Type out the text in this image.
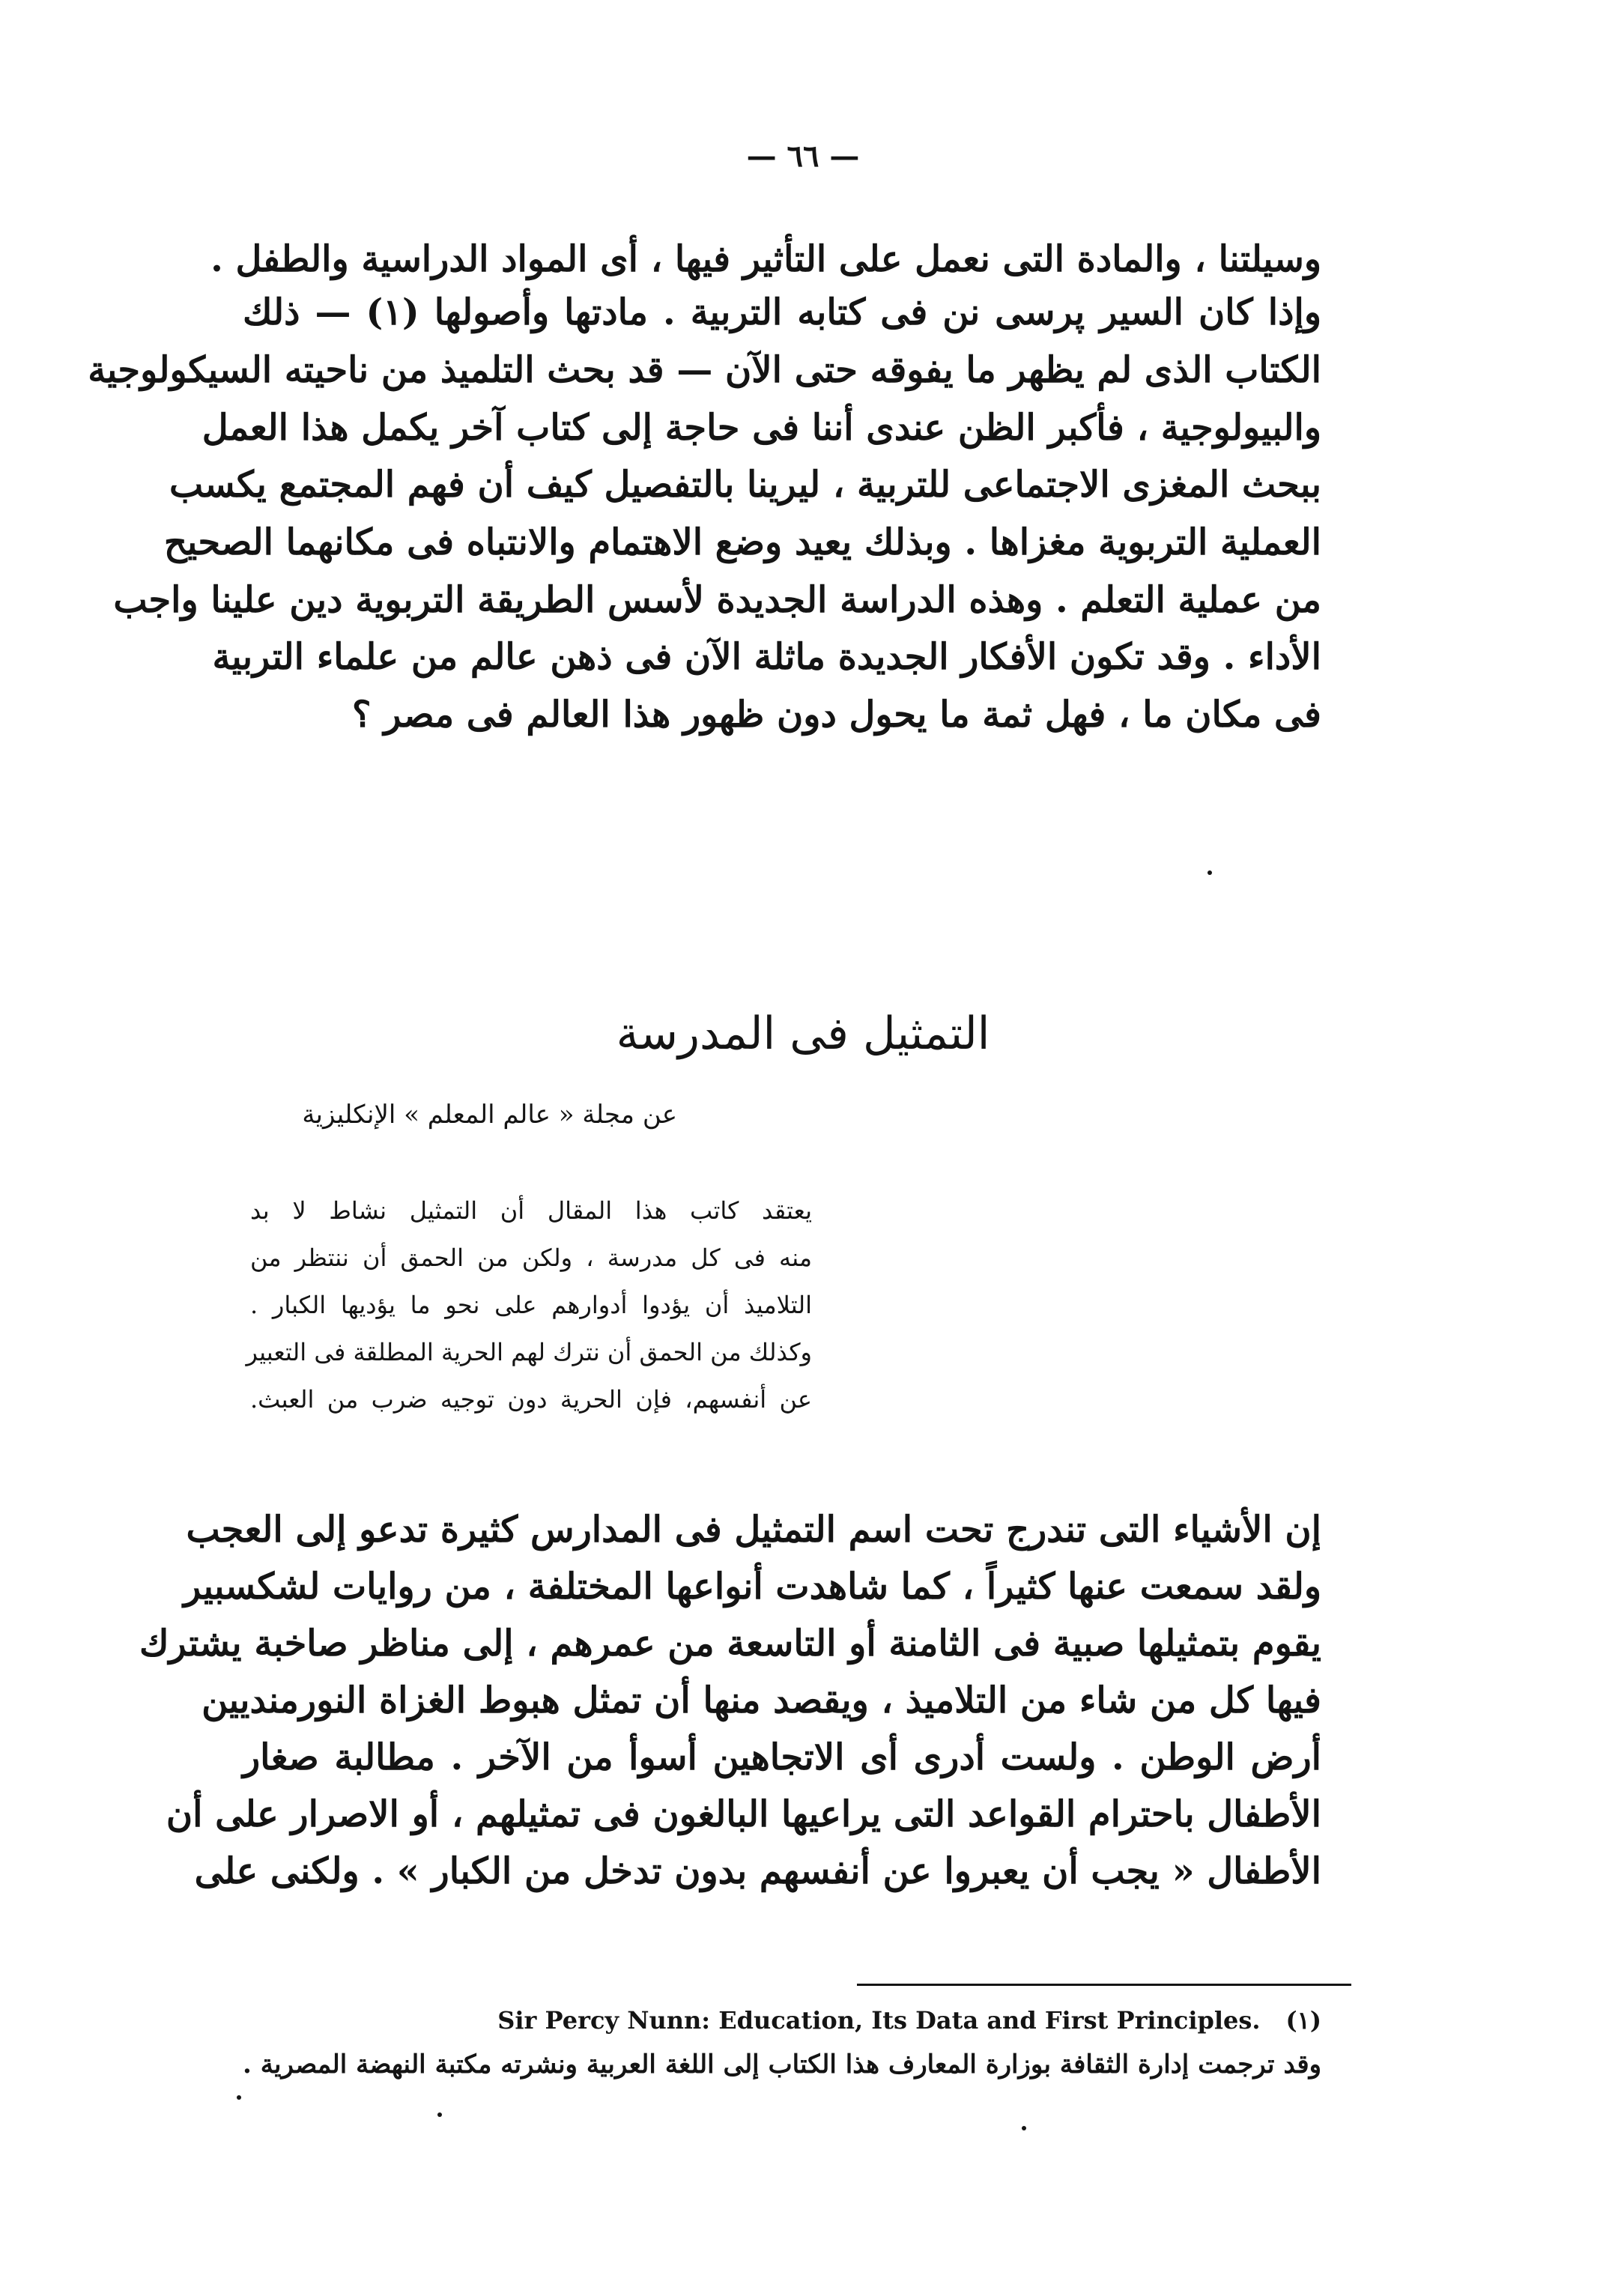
— ٦٦ —
وسيلتنا ، والمادة التى نعمل على التأثير فيها ، أى المواد الدراسية والطفل .
وإذا كان السير پرسى نن فى كتابه التربية . مادتها وأصولها (١) — ذلك
الكتاب الذى لم يظهر ما يفوقه حتى الآن — قد بحث التلميذ من ناحيته السيكولوجية
والبيولوجية ، فأكبر الظن عندى أننا فى حاجة إلى كتاب آخر يكمل هذا العمل
ببحث المغزى الاجتماعى للتربية ، ليرينا بالتفصيل كيف أن فهم المجتمع يكسب
العملية التربوية مغزاها . وبذلك يعيد وضع الاهتمام والانتباه فى مكانهما الصحيح
من عملية التعلم . وهذه الدراسة الجديدة لأسس الطريقة التربوية دين علينا واجب
الأداء . وقد تكون الأفكار الجديدة ماثلة الآن فى ذهن عالم من علماء التربية
فى مكان ما ، فهل ثمة ما يحول دون ظهور هذا العالم فى مصر ؟
التمثيل فى المدرسة
عن مجلة « عالم المعلم » الإنكليزية
يعتقد كاتب هذا المقال أن التمثيل نشاط لا بد
منه فى كل مدرسة ، ولكن من الحمق أن ننتظر من
التلاميذ أن يؤدوا أدوارهم على نحو ما يؤديها الكبار .
وكذلك من الحمق أن نترك لهم الحرية المطلقة فى التعبير
عن أنفسهم، فإن الحرية دون توجيه ضرب من العبث.
إن الأشياء التى تندرج تحت اسم التمثيل فى المدارس كثيرة تدعو إلى العجب
ولقد سمعت عنها كثيراً ، كما شاهدت أنواعها المختلفة ، من روايات لشكسبير
يقوم بتمثيلها صبية فى الثامنة أو التاسعة من عمرهم ، إلى مناظر صاخبة يشترك
فيها كل من شاء من التلاميذ ، ويقصد منها أن تمثل هبوط الغزاة النورمنديين
أرض الوطن . ولست أدرى أى الاتجاهين أسوأ من الآخر . مطالبة صغار
الأطفال باحترام القواعد التى يراعيها البالغون فى تمثيلهم ، أو الاصرار على أن
الأطفال « يجب أن يعبروا عن أنفسهم بدون تدخل من الكبار » . ولكنى على
Sir Percy Nunn: Education, Its Data and First Principles. (١)
وقد ترجمت إدارة الثقافة بوزارة المعارف هذا الكتاب إلى اللغة العربية ونشرته مكتبة النهضة المصرية .
